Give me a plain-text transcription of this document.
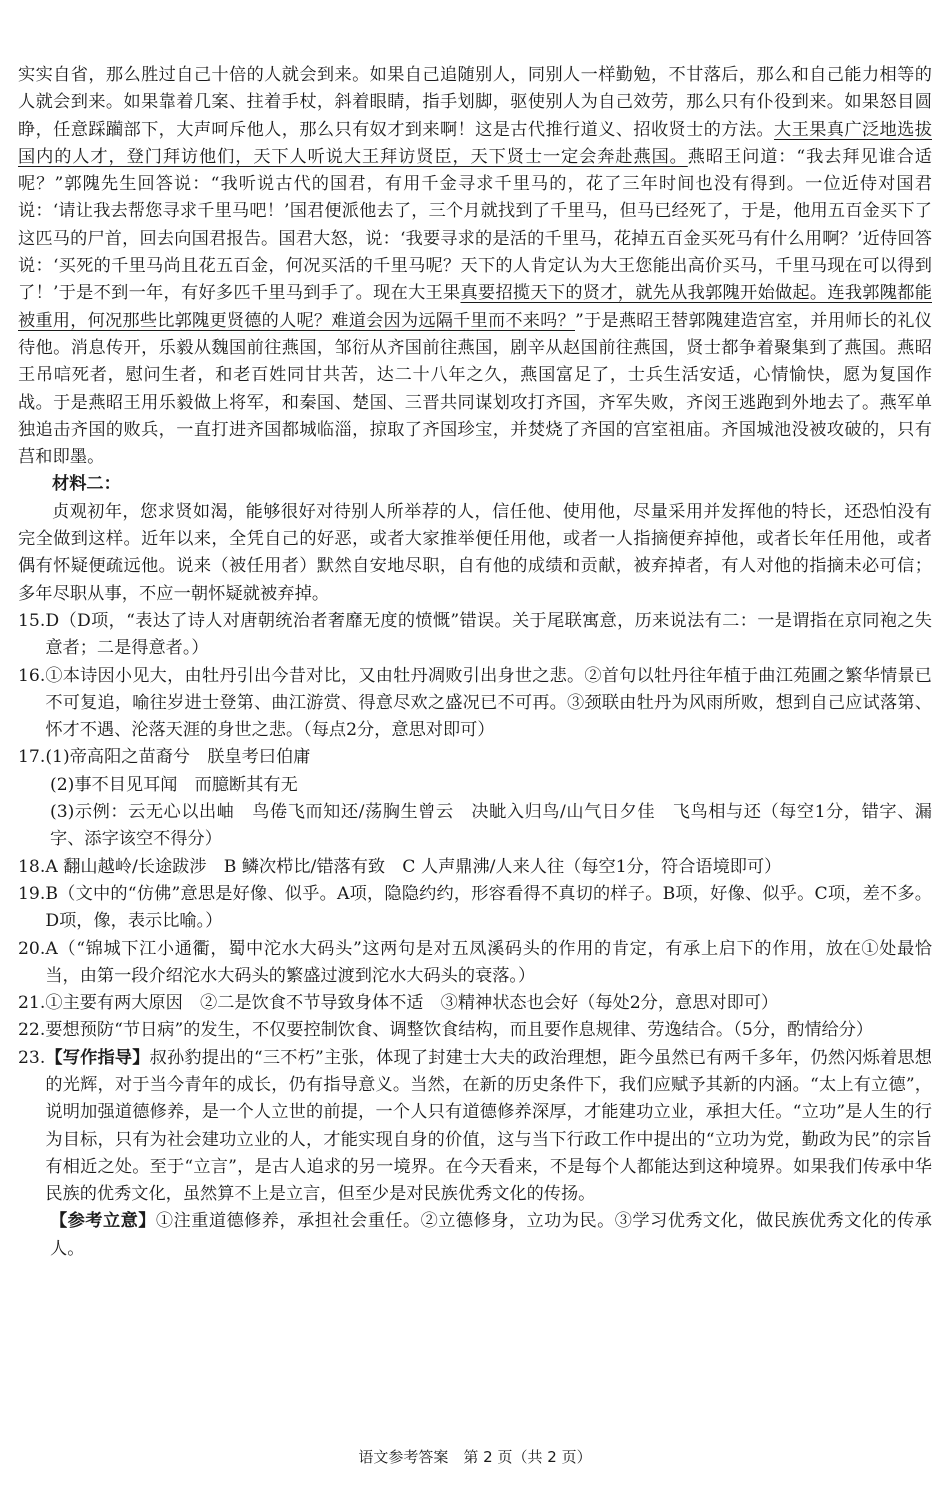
实实自省，那么胜过自己十倍的人就会到来。如果自己追随别人，同别人一样勤勉，不甘落后，那么和自己能力相等的人就会到来。如果靠着几案、拄着手杖，斜着眼睛，指手划脚，驱使别人为自己效劳，那么只有仆役到来。如果怒目圆睁，任意踩躏部下，大声呵斥他人，那么只有奴才到来啊！这是古代推行道义、招收贤士的方法。大王果真广泛地选拔国内的人才，登门拜访他们，天下人听说大王拜访贤臣，天下贤士一定会奔赴燕国。燕昭王问道：“我去拜见谁合适呢？”郭隗先生回答说：“我听说古代的国君，有用千金寻求千里马的，花了三年时间也没有得到。一位近侍对国君说：‘请让我去帮您寻求千里马吧！’国君便派他去了，三个月就找到了千里马，但马已经死了，于是，他用五百金买下了这匹马的尸首，回去向国君报告。国君大怒，说：‘我要寻求的是活的千里马，花掉五百金买死马有什么用啊？’近侍回答说：‘买死的千里马尚且花五百金，何况买活的千里马呢？天下的人肯定认为大王您能出高价买马，千里马现在可以得到了！’于是不到一年，有好多匹千里马到手了。现在大王果真要招揽天下的贤才，就先从我郭隗开始做起。连我郭隗都能被重用，何况那些比郭隗更贤德的人呢？难道会因为远隔千里而不来吗？”于是燕昭王替郭隗建造宫室，并用师长的礼仪待他。消息传开，乐毅从魏国前往燕国，邹衍从齐国前往燕国，剧辛从赵国前往燕国，贤士都争着聚集到了燕国。燕昭王吊唁死者，慰问生者，和老百姓同甘共苦，达二十八年之久，燕国富足了，士兵生活安适，心情愉快，愿为复国作战。于是燕昭王用乐毅做上将军，和秦国、楚国、三晋共同谋划攻打齐国，齐军失败，齐闵王逃跑到外地去了。燕军单独追击齐国的败兵，一直打进齐国都城临淄，掠取了齐国珍宝，并焚烧了齐国的宫室祖庙。齐国城池没被攻破的，只有莒和即墨。

材料二：

贞观初年，您求贤如渴，能够很好对待别人所举荐的人，信任他、使用他，尽量采用并发挥他的特长，还恐怕没有完全做到这样。近年以来，全凭自己的好恶，或者大家推举便任用他，或者一人指摘便弃掉他，或者长年任用他，或者偶有怀疑便疏远他。说来（被任用者）默然自安地尽职，自有他的成绩和贡献，被弃掉者，有人对他的指摘未必可信；多年尽职从事，不应一朝怀疑就被弃掉。

15. D（D项，“表达了诗人对唐朝统治者奢靡无度的愤慨”错误。关于尾联寓意，历来说法有二：一是谓指在京同袍之失意者；二是得意者。）
16. ①本诗因小见大，由牡丹引出今昔对比，又由牡丹凋败引出身世之悲。②首句以牡丹往年植于曲江苑圃之繁华情景已不可复追，喻往岁进士登第、曲江游赏、得意尽欢之盛况已不可再。③颈联由牡丹为风雨所败，想到自己应试落第、怀才不遇、沦落天涯的身世之悲。（每点2分，意思对即可）
17. (1)帝高阳之苗裔兮　朕皇考曰伯庸

(2)事不目见耳闻　而臆断其有无

(3)示例：云无心以出岫　鸟倦飞而知还/荡胸生曾云　决眦入归鸟/山气日夕佳　飞鸟相与还（每空1分，错字、漏字、添字该空不得分）

18. A 翻山越岭/长途跋涉　B 鳞次栉比/错落有致　C 人声鼎沸/人来人往（每空1分，符合语境即可）
19. B（文中的“仿佛”意思是好像、似乎。A项，隐隐约约，形容看得不真切的样子。B项，好像、似乎。C项，差不多。D项，像，表示比喻。）
20. A（“锦城下江小通衢，蜀中沱水大码头”这两句是对五凤溪码头的作用的肯定，有承上启下的作用，放在①处最恰当，由第一段介绍沱水大码头的繁盛过渡到沱水大码头的衰落。）
21. ①主要有两大原因　②二是饮食不节导致身体不适　③精神状态也会好（每处2分，意思对即可）
22. 要想预防“节日病”的发生，不仅要控制饮食、调整饮食结构，而且要作息规律、劳逸结合。（5分，酌情给分）
23. 【写作指导】叔孙豹提出的“三不朽”主张，体现了封建士大夫的政治理想，距今虽然已有两千多年，仍然闪烁着思想的光辉，对于当今青年的成长，仍有指导意义。当然，在新的历史条件下，我们应赋予其新的内涵。“太上有立德”，说明加强道德修养，是一个人立世的前提，一个人只有道德修养深厚，才能建功立业，承担大任。“立功”是人生的行为目标，只有为社会建功立业的人，才能实现自身的价值，这与当下行政工作中提出的“立功为党，勤政为民”的宗旨有相近之处。至于“立言”，是古人追求的另一境界。在今天看来，不是每个人都能达到这种境界。如果我们传承中华民族的优秀文化，虽然算不上是立言，但至少是对民族优秀文化的传扬。

【参考立意】①注重道德修养，承担社会重任。②立德修身，立功为民。③学习优秀文化，做民族优秀文化的传承人。

语文参考答案　第 2 页（共 2 页）
